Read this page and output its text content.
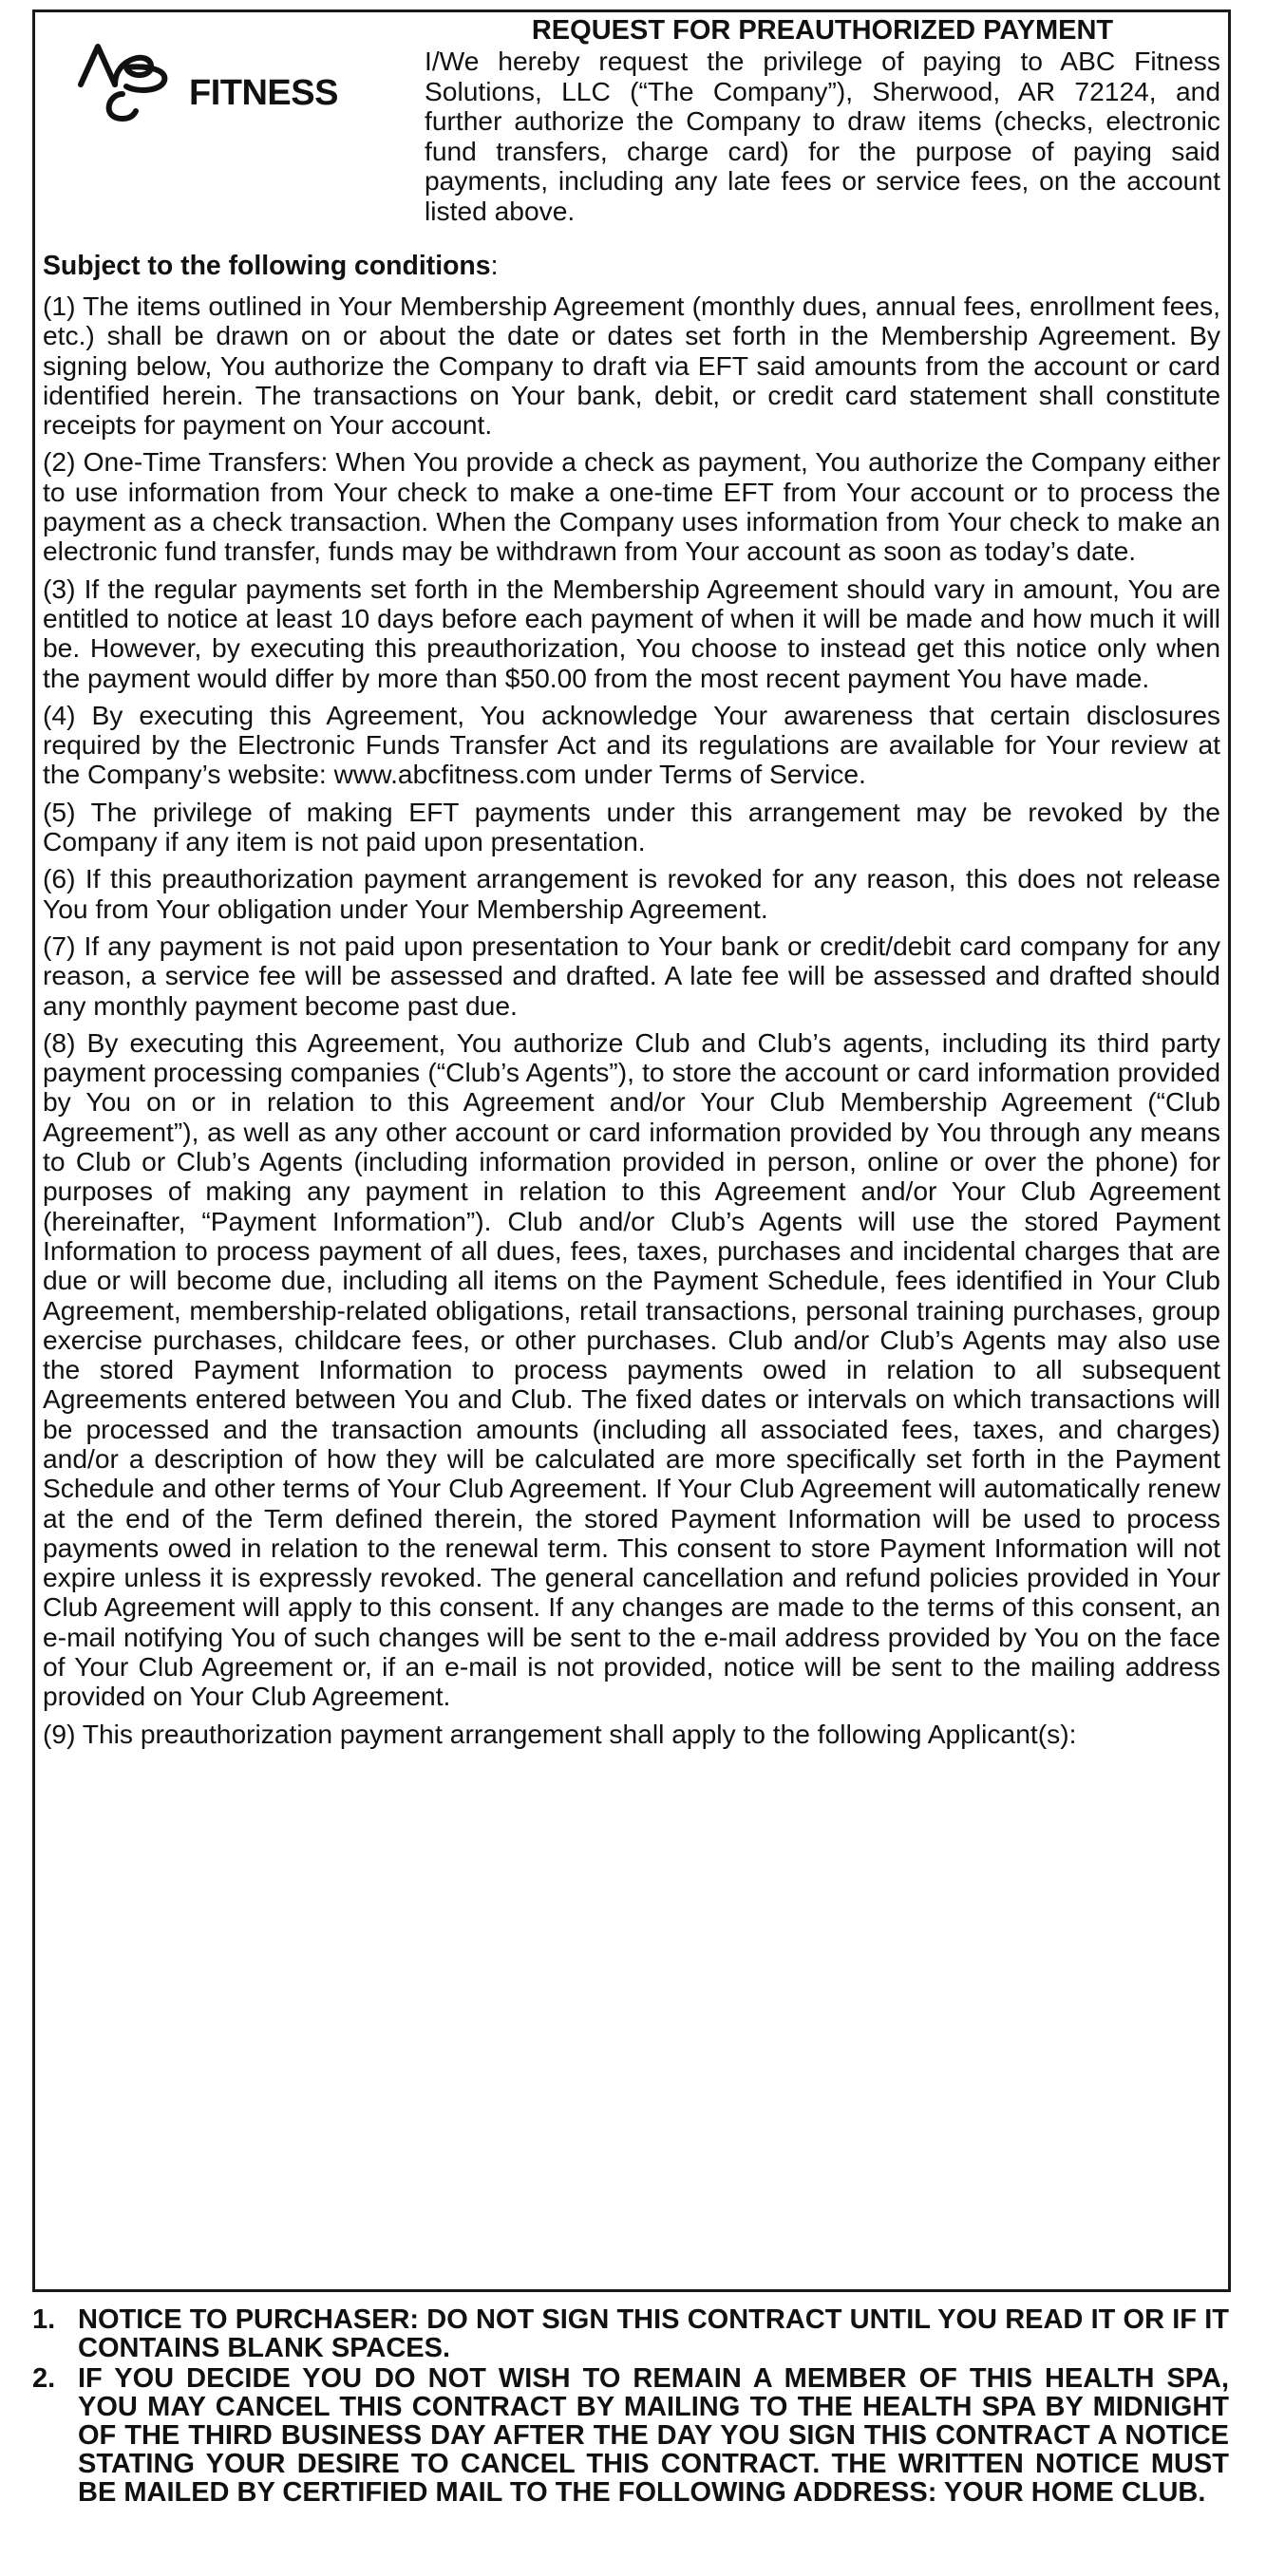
FITNESS
REQUEST FOR PREAUTHORIZED PAYMENT
I/We hereby request the privilege of paying to ABC Fitness Solutions, LLC (“The Company”), Sherwood, AR 72124, and further authorize the Company to draw items (checks, electronic fund transfers, charge card) for the purpose of paying said payments, including any late fees or service fees, on the account listed above.
Subject to the following conditions:

(1) The items outlined in Your Membership Agreement (monthly dues, annual fees, enrollment fees, etc.) shall be drawn on or about the date or dates set forth in the Membership Agreement. By signing below, You authorize the Company to draft via EFT said amounts from the account or card identified herein. The transactions on Your bank, debit, or credit card statement shall constitute receipts for payment on Your account.

(2) One-Time Transfers: When You provide a check as payment, You authorize the Company either to use information from Your check to make a one-time EFT from Your account or to process the payment as a check transaction. When the Company uses information from Your check to make an electronic fund transfer, funds may be withdrawn from Your account as soon as today’s date.

(3) If the regular payments set forth in the Membership Agreement should vary in amount, You are entitled to notice at least 10 days before each payment of when it will be made and how much it will be. However, by executing this preauthorization, You choose to instead get this notice only when the payment would differ by more than $50.00 from the most recent payment You have made.

(4) By executing this Agreement, You acknowledge Your awareness that certain disclosures required by the Electronic Funds Transfer Act and its regulations are available for Your review at the Company’s website: www.abcfitness.com under Terms of Service.

(5) The privilege of making EFT payments under this arrangement may be revoked by the Company if any item is not paid upon presentation.

(6) If this preauthorization payment arrangement is revoked for any reason, this does not release You from Your obligation under Your Membership Agreement.

(7) If any payment is not paid upon presentation to Your bank or credit/debit card company for any reason, a service fee will be assessed and drafted. A late fee will be assessed and drafted should any monthly payment become past due.

(8) By executing this Agreement, You authorize Club and Club’s agents, including its third party payment processing companies (“Club’s Agents”), to store the account or card information provided by You on or in relation to this Agreement and/or Your Club Membership Agreement (“Club Agreement”), as well as any other account or card information provided by You through any means to Club or Club’s Agents (including information provided in person, online or over the phone) for purposes of making any payment in relation to this Agreement and/or Your Club Agreement (hereinafter, “Payment Information”). Club and/or Club’s Agents will use the stored Payment Information to process payment of all dues, fees, taxes, purchases and incidental charges that are due or will become due, including all items on the Payment Schedule, fees identified in Your Club Agreement, membership-related obligations, retail transactions, personal training purchases, group exercise purchases, childcare fees, or other purchases. Club and/or Club’s Agents may also use the stored Payment Information to process payments owed in relation to all subsequent Agreements entered between You and Club. The fixed dates or intervals on which transactions will be processed and the transaction amounts (including all associated fees, taxes, and charges) and/or a description of how they will be calculated are more specifically set forth in the Payment Schedule and other terms of Your Club Agreement. If Your Club Agreement will automatically renew at the end of the Term defined therein, the stored Payment Information will be used to process payments owed in relation to the renewal term. This consent to store Payment Information will not expire unless it is expressly revoked. The general cancellation and refund policies provided in Your Club Agreement will apply to this consent. If any changes are made to the terms of this consent, an e-mail notifying You of such changes will be sent to the e-mail address provided by You on the face of Your Club Agreement or, if an e-mail is not provided, notice will be sent to the mailing address provided on Your Club Agreement.

(9) This preauthorization payment arrangement shall apply to the following Applicant(s):

1. NOTICE TO PURCHASER: DO NOT SIGN THIS CONTRACT UNTIL YOU READ IT OR IF IT CONTAINS BLANK SPACES.
2. IF YOU DECIDE YOU DO NOT WISH TO REMAIN A MEMBER OF THIS HEALTH SPA, YOU MAY CANCEL THIS CONTRACT BY MAILING TO THE HEALTH SPA BY MIDNIGHT OF THE THIRD BUSINESS DAY AFTER THE DAY YOU SIGN THIS CONTRACT A NOTICE STATING YOUR DESIRE TO CANCEL THIS CONTRACT. THE WRITTEN NOTICE MUST BE MAILED BY CERTIFIED MAIL TO THE FOLLOWING ADDRESS: YOUR HOME CLUB.
